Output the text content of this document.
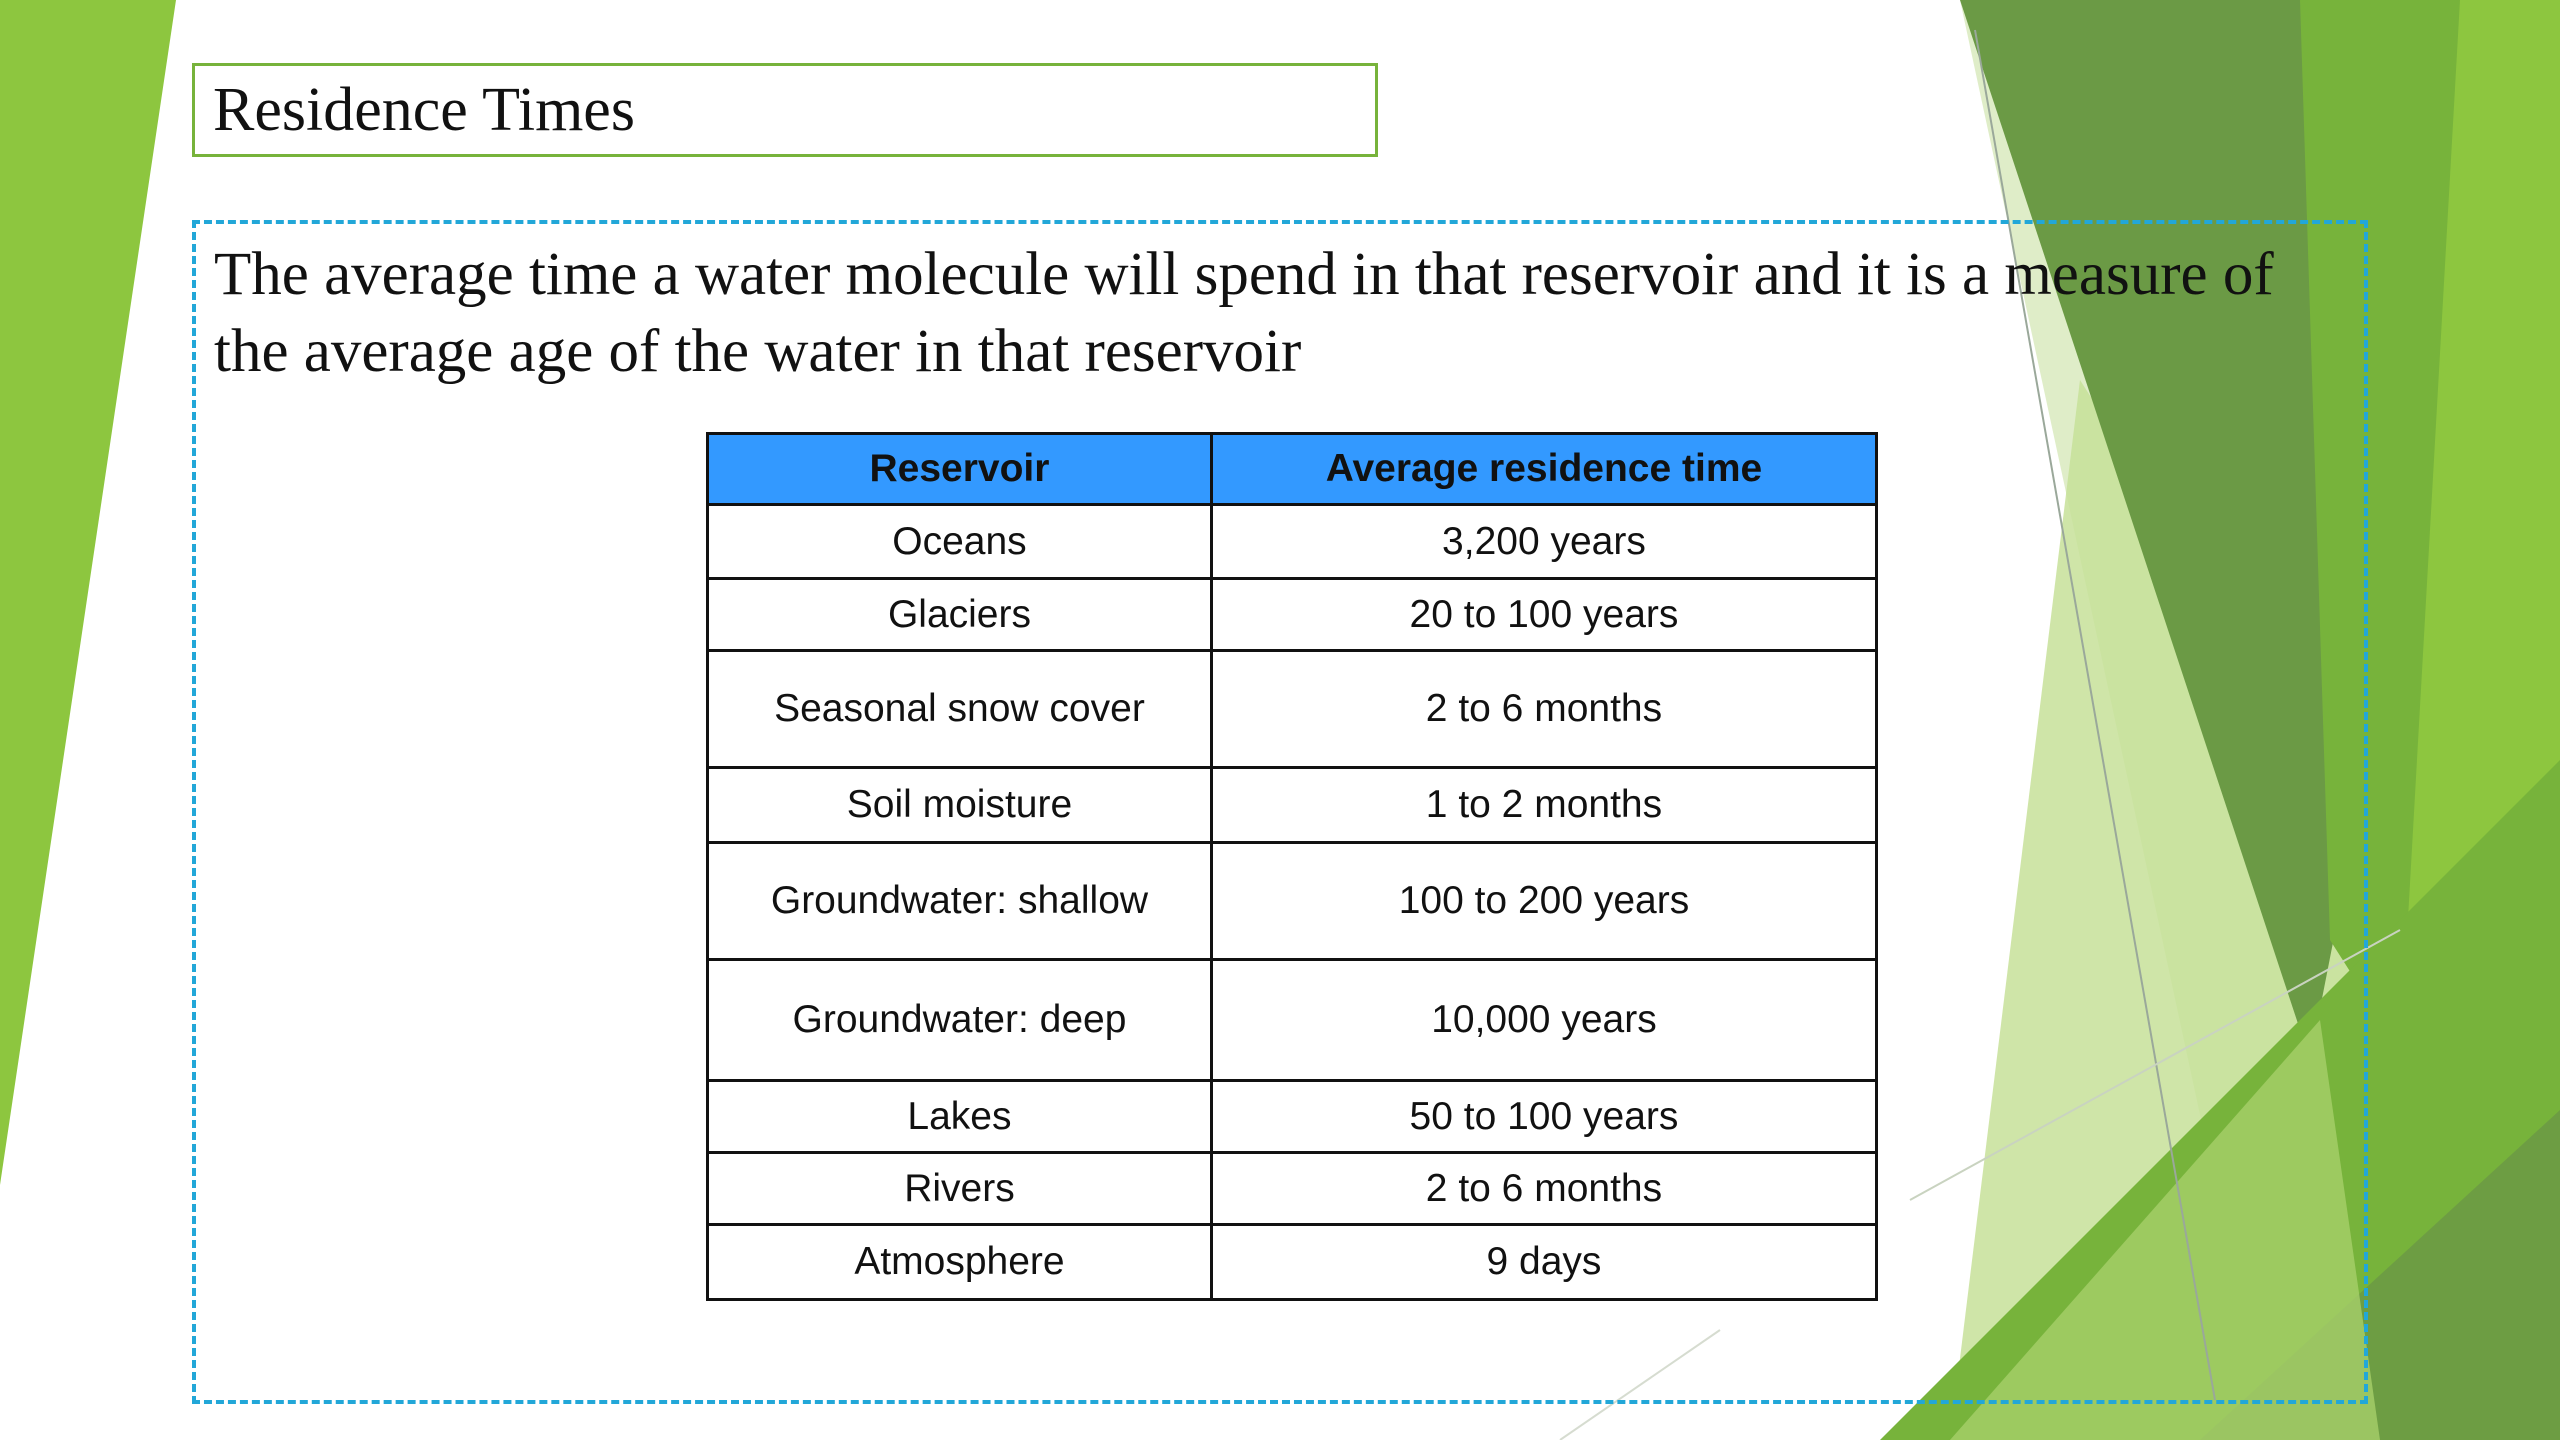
Residence Times
The average time a water molecule will spend in that reservoir and it is a measure of the average age of the water in that reservoir
Reservoir	Average residence time
Oceans	3,200 years
Glaciers	20 to 100 years
Seasonal snow cover	2 to 6 months
Soil moisture	1 to 2 months
Groundwater: shallow	100 to 200 years
Groundwater: deep	10,000 years
Lakes	50 to 100 years
Rivers	2 to 6 months
Atmosphere	9 days
